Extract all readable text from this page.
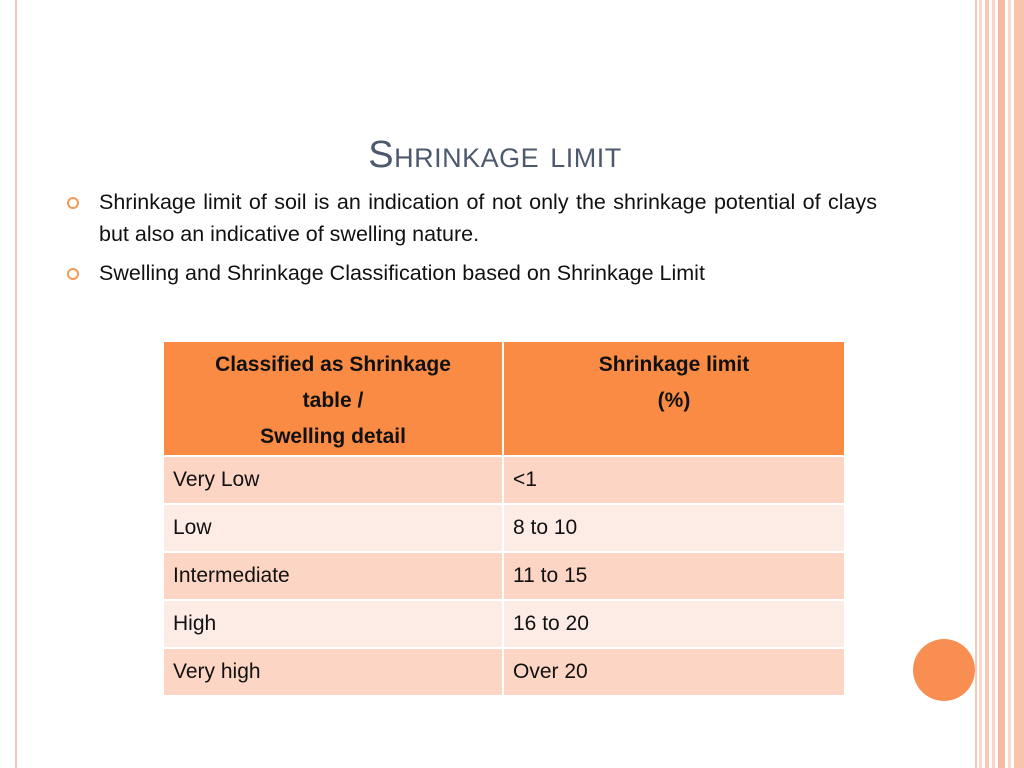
Shrinkage limit
Shrinkage limit of soil is an indication of not only the shrinkage potential of clays but also an indicative of swelling nature.
Swelling and Shrinkage Classification based on Shrinkage Limit
Classified as Shrinkage
table /
Swelling detail	Shrinkage limit
(%)
Very Low	<1
Low	8 to 10
Intermediate	11 to 15
High	16 to 20
Very high	Over 20
